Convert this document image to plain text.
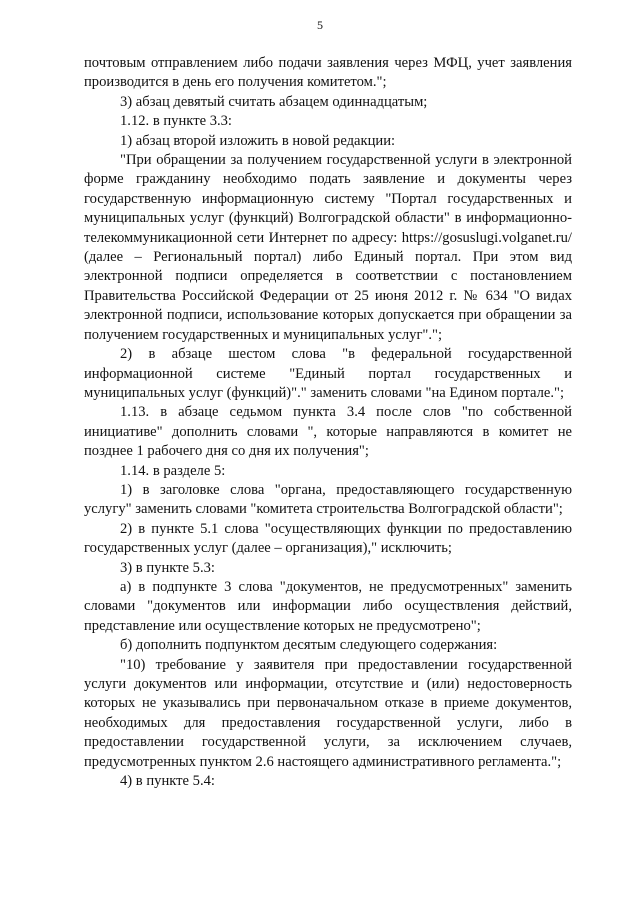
5

почтовым отправлением либо подачи заявления через МФЦ, учет заявления производится в день его получения комитетом.";

3) абзац девятый считать абзацем одиннадцатым;

1.12. в пункте 3.3:

1) абзац второй изложить в новой редакции:

"При обращении за получением государственной услуги в электронной форме гражданину необходимо подать заявление и документы через государственную информационную систему "Портал государственных и муниципальных услуг (функций) Волгоградской области" в информационно-телекоммуникационной сети Интернет по адресу: https://gosuslugi.volganet.ru/ (далее – Региональный портал) либо Единый портал. При этом вид электронной подписи определяется в соответствии с постановлением Правительства Российской Федерации от 25 июня 2012 г. № 634 "О видах электронной подписи, использование которых допускается при обращении за получением государственных и муниципальных услуг".";

2) в абзаце шестом слова "в федеральной государственной информационной системе "Единый портал государственных и муниципальных услуг (функций)"." заменить словами "на Едином портале.";

1.13. в абзаце седьмом пункта 3.4 после слов "по собственной инициативе" дополнить словами ", которые направляются в комитет не позднее 1 рабочего дня со дня их получения";

1.14. в разделе 5:

1) в заголовке слова "органа, предоставляющего государственную услугу" заменить словами "комитета строительства Волгоградской области";

2) в пункте 5.1 слова "осуществляющих функции по предоставлению государственных услуг (далее – организация)," исключить;

3) в пункте 5.3:

а) в подпункте 3 слова "документов, не предусмотренных" заменить словами "документов или информации либо осуществления действий, представление или осуществление которых не предусмотрено";

б) дополнить подпунктом десятым следующего содержания:

"10) требование у заявителя при предоставлении государственной услуги документов или информации, отсутствие и (или) недостоверность которых не указывались при первоначальном отказе в приеме документов, необходимых для предоставления государственной услуги, либо в предоставлении государственной услуги, за исключением случаев, предусмотренных пунктом 2.6 настоящего административного регламента.";

4) в пункте 5.4:
